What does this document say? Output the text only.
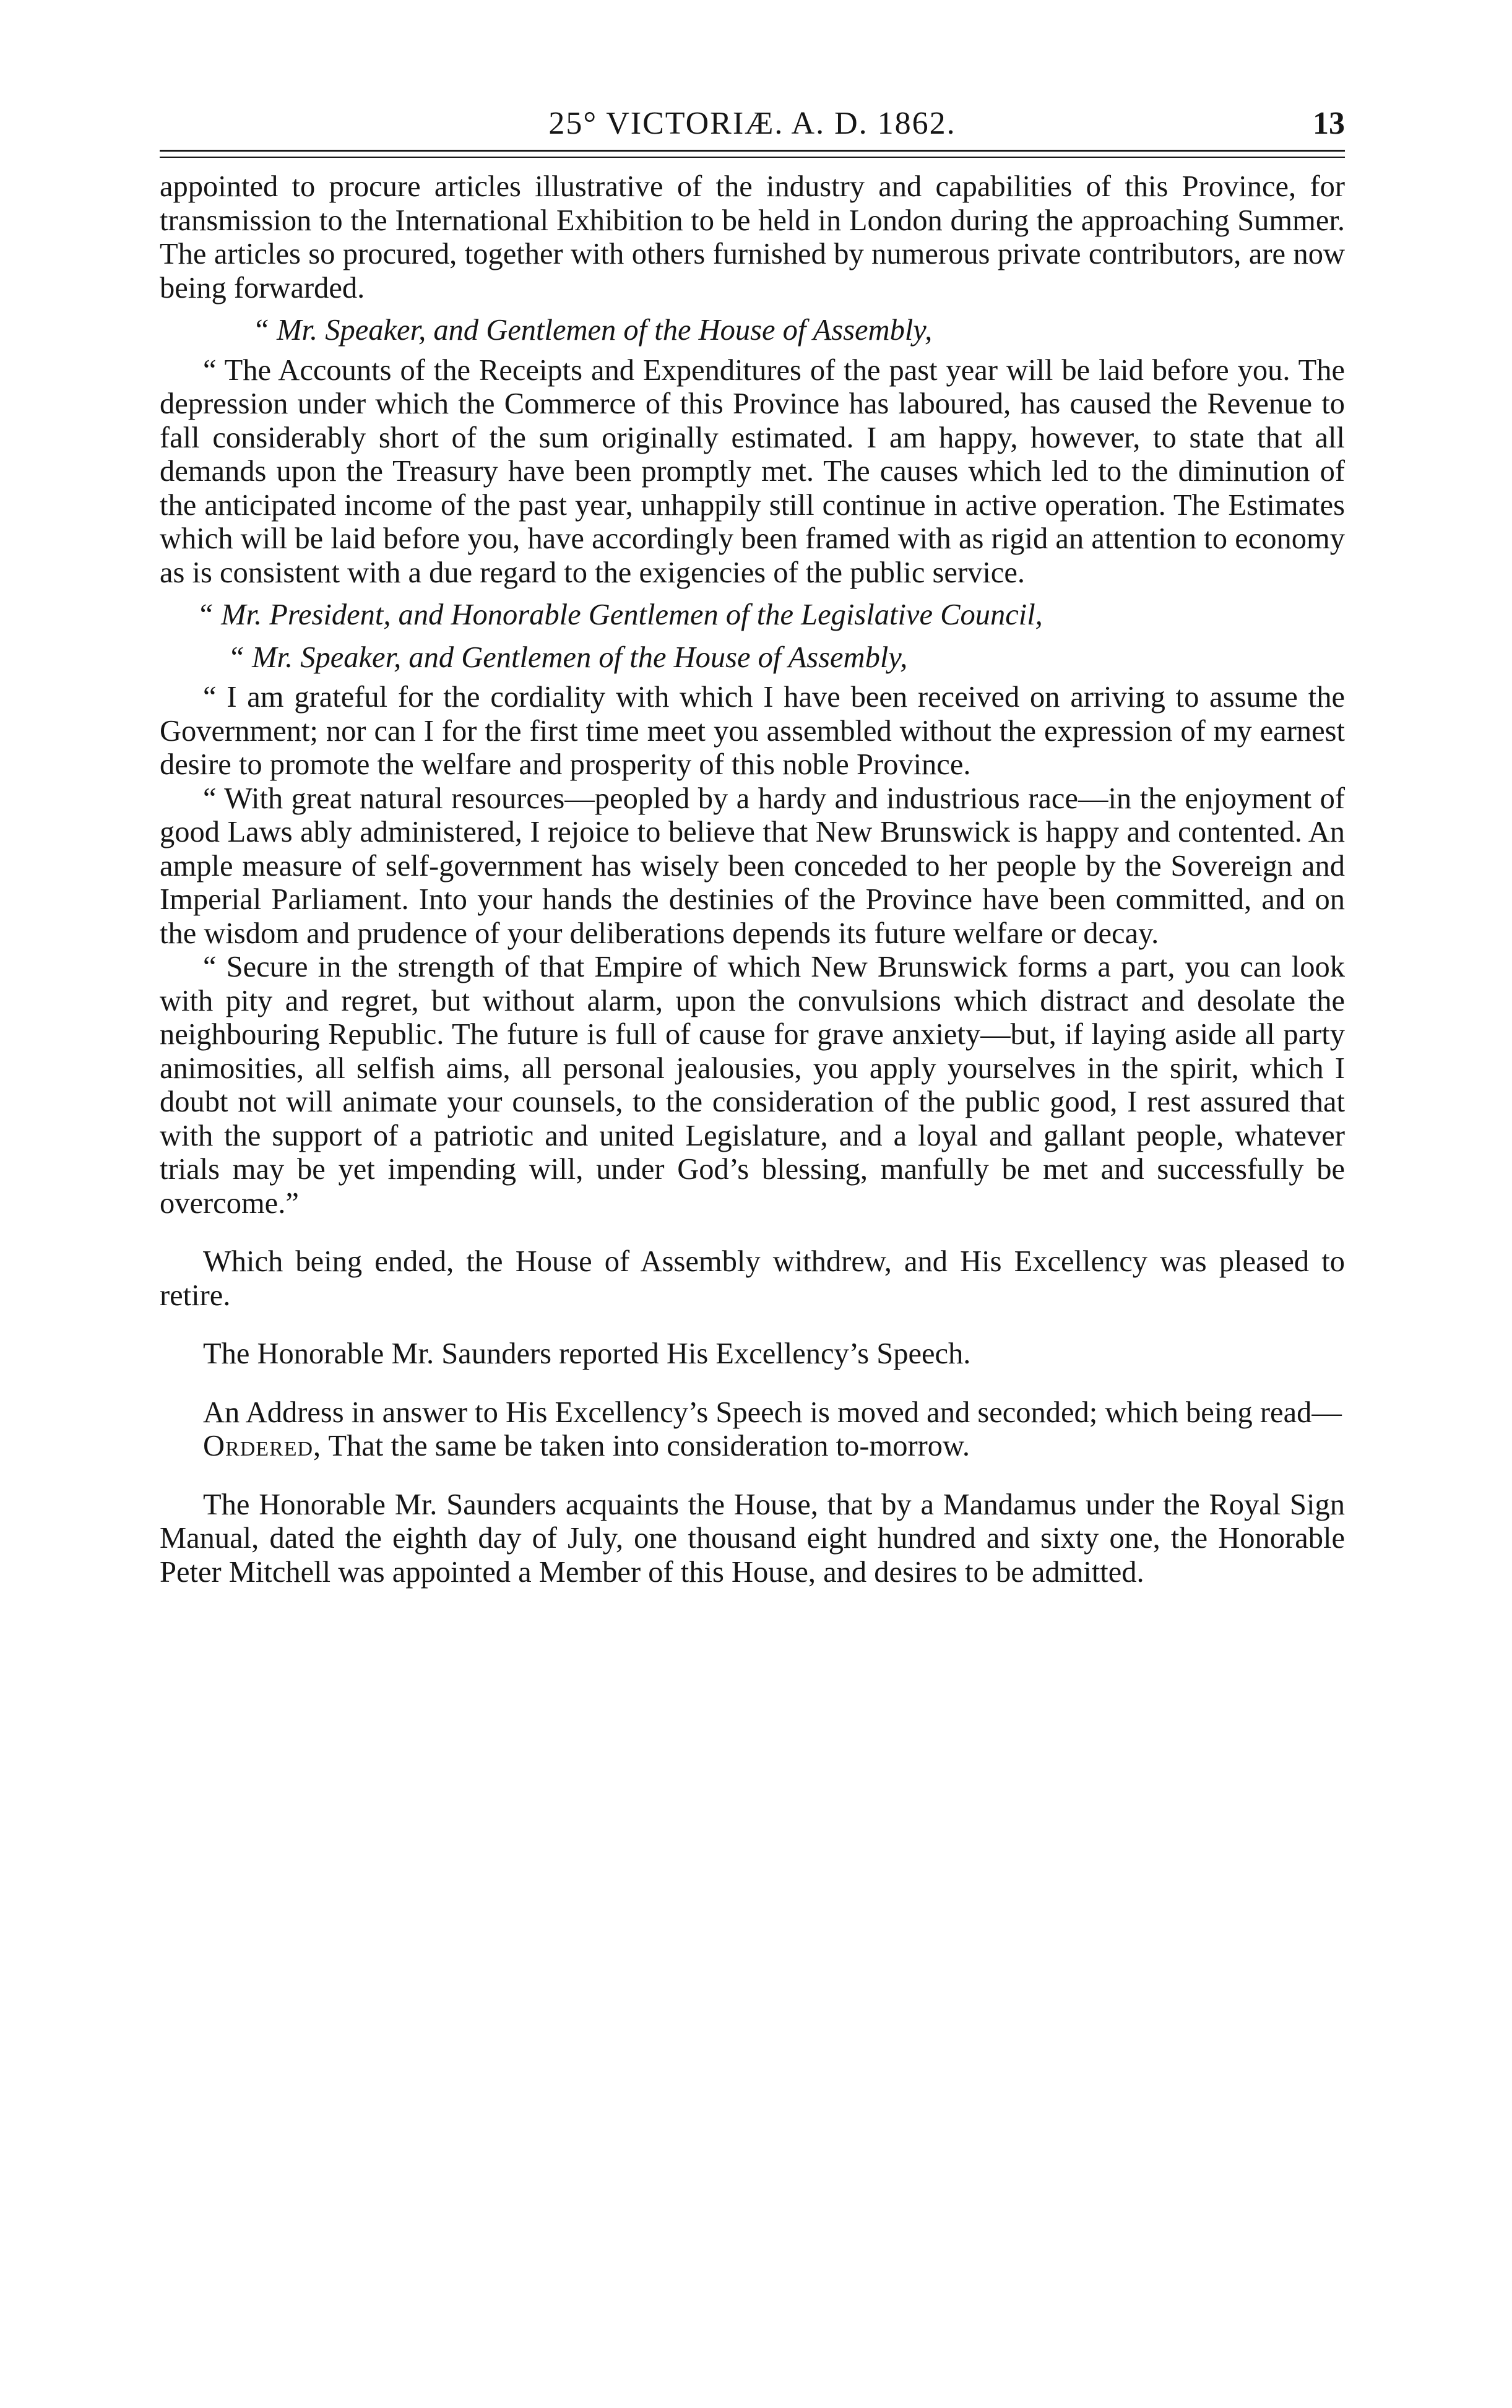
25° VICTORIÆ. A. D. 1862.	13

appointed to procure articles illustrative of the industry and capabilities of this Province, for transmission to the International Exhibition to be held in London during the approaching Summer. The articles so procured, together with others furnished by numerous private contributors, are now being forwarded.

“ Mr. Speaker, and Gentlemen of the House of Assembly,

“ The Accounts of the Receipts and Expenditures of the past year will be laid before you. The depression under which the Commerce of this Province has laboured, has caused the Revenue to fall considerably short of the sum originally estimated. I am happy, however, to state that all demands upon the Treasury have been promptly met. The causes which led to the diminution of the anticipated income of the past year, unhappily still continue in active operation. The Estimates which will be laid before you, have accordingly been framed with as rigid an attention to economy as is consistent with a due regard to the exigencies of the public service.

“ Mr. President, and Honorable Gentlemen of the Legislative Council,

“ Mr. Speaker, and Gentlemen of the House of Assembly,

“ I am grateful for the cordiality with which I have been received on arriving to assume the Government; nor can I for the first time meet you assembled without the expression of my earnest desire to promote the welfare and prosperity of this noble Province.

“ With great natural resources—peopled by a hardy and industrious race—in the enjoyment of good Laws ably administered, I rejoice to believe that New Brunswick is happy and contented. An ample measure of self-government has wisely been conceded to her people by the Sovereign and Imperial Parliament. Into your hands the destinies of the Province have been committed, and on the wisdom and prudence of your deliberations depends its future welfare or decay.

“ Secure in the strength of that Empire of which New Brunswick forms a part, you can look with pity and regret, but without alarm, upon the convulsions which distract and desolate the neighbouring Republic. The future is full of cause for grave anxiety—but, if laying aside all party animosities, all selfish aims, all personal jealousies, you apply yourselves in the spirit, which I doubt not will animate your counsels, to the consideration of the public good, I rest assured that with the support of a patriotic and united Legislature, and a loyal and gallant people, whatever trials may be yet impending will, under God’s blessing, manfully be met and successfully be overcome.”

Which being ended, the House of Assembly withdrew, and His Excellency was pleased to retire.

The Honorable Mr. Saunders reported His Excellency’s Speech.

An Address in answer to His Excellency’s Speech is moved and seconded; which being read—

Ordered, That the same be taken into consideration to-morrow.

The Honorable Mr. Saunders acquaints the House, that by a Mandamus under the Royal Sign Manual, dated the eighth day of July, one thousand eight hundred and sixty one, the Honorable Peter Mitchell was appointed a Member of this House, and desires to be admitted.
